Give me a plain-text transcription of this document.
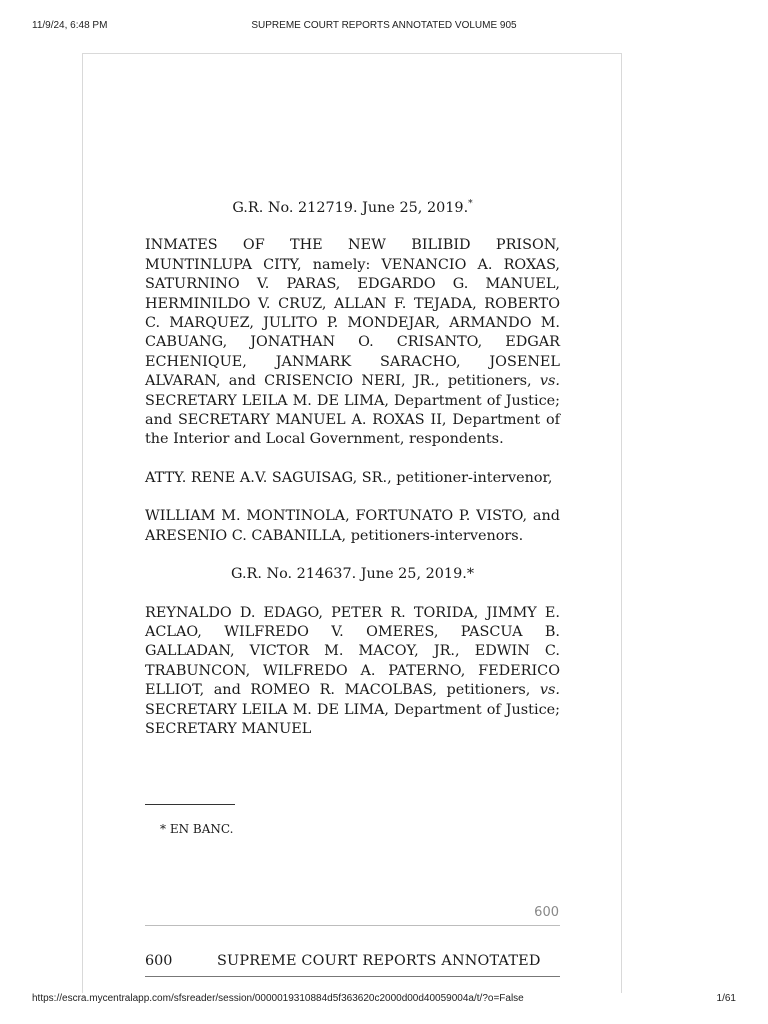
11/9/24, 6:48 PM	SUPREME COURT REPORTS ANNOTATED VOLUME 905

G.R. No. 212719. June 25, 2019.*

INMATES OF THE NEW BILIBID PRISON, MUNTINLUPA CITY, namely: VENANCIO A. ROXAS, SATURNINO V. PARAS, EDGARDO G. MANUEL, HERMINILDO V. CRUZ, ALLAN F. TEJADA, ROBERTO C. MARQUEZ, JULITO P. MONDEJAR, ARMANDO M. CABUANG, JONATHAN O. CRISANTO, EDGAR ECHENIQUE, JANMARK SARACHO, JOSENEL ALVARAN, and CRISENCIO NERI, JR., petitioners, vs. SECRETARY LEILA M. DE LIMA, Department of Justice; and SECRETARY MANUEL A. ROXAS II, Department of the Interior and Local Government, respondents.

ATTY. RENE A.V. SAGUISAG, SR., petitioner-intervenor,

WILLIAM M. MONTINOLA, FORTUNATO P. VISTO, and ARESENIO C. CABANILLA, petitioners-intervenors.

G.R. No. 214637. June 25, 2019.*

REYNALDO D. EDAGO, PETER R. TORIDA, JIMMY E. ACLAO, WILFREDO V. OMERES, PASCUA B. GALLADAN, VICTOR M. MACOY, JR., EDWIN C. TRABUNCON, WILFREDO A. PATERNO, FEDERICO ELLIOT, and ROMEO R. MACOLBAS, petitioners, vs. SECRETARY LEILA M. DE LIMA, Department of Justice; SECRETARY MANUEL

* EN BANC.
600
600	SUPREME COURT REPORTS ANNOTATED
https://escra.mycentralapp.com/sfsreader/session/0000019310884d5f363620c2000d00d40059004a/t/?o=False	1/61
